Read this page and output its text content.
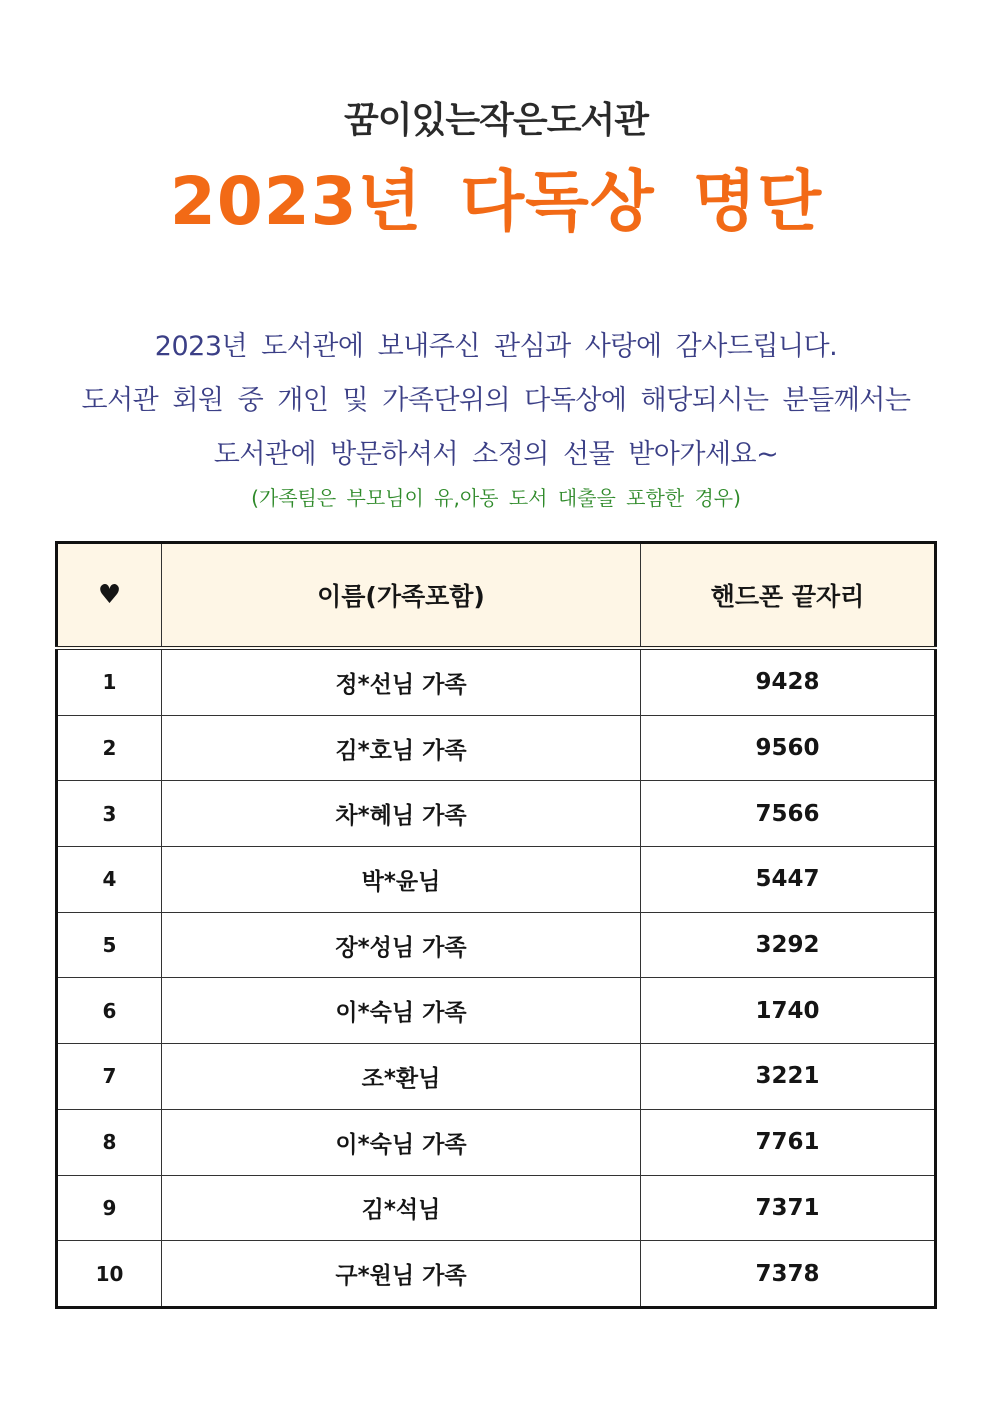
꿈이있는작은도서관
2023년 다독상 명단
2023년 도서관에 보내주신 관심과 사랑에 감사드립니다.
도서관 회원 중 개인 및 가족단위의 다독상에 해당되시는 분들께서는
도서관에 방문하셔서 소정의 선물 받아가세요~
(가족팀은 부모님이 유,아동 도서 대출을 포함한 경우)
♥	이름(가족포함)	핸드폰 끝자리
1	정*선님 가족	9428
2	김*호님 가족	9560
3	차*혜님 가족	7566
4	박*윤님	5447
5	장*성님 가족	3292
6	이*숙님 가족	1740
7	조*환님	3221
8	이*숙님 가족	7761
9	김*석님	7371
10	구*원님 가족	7378
